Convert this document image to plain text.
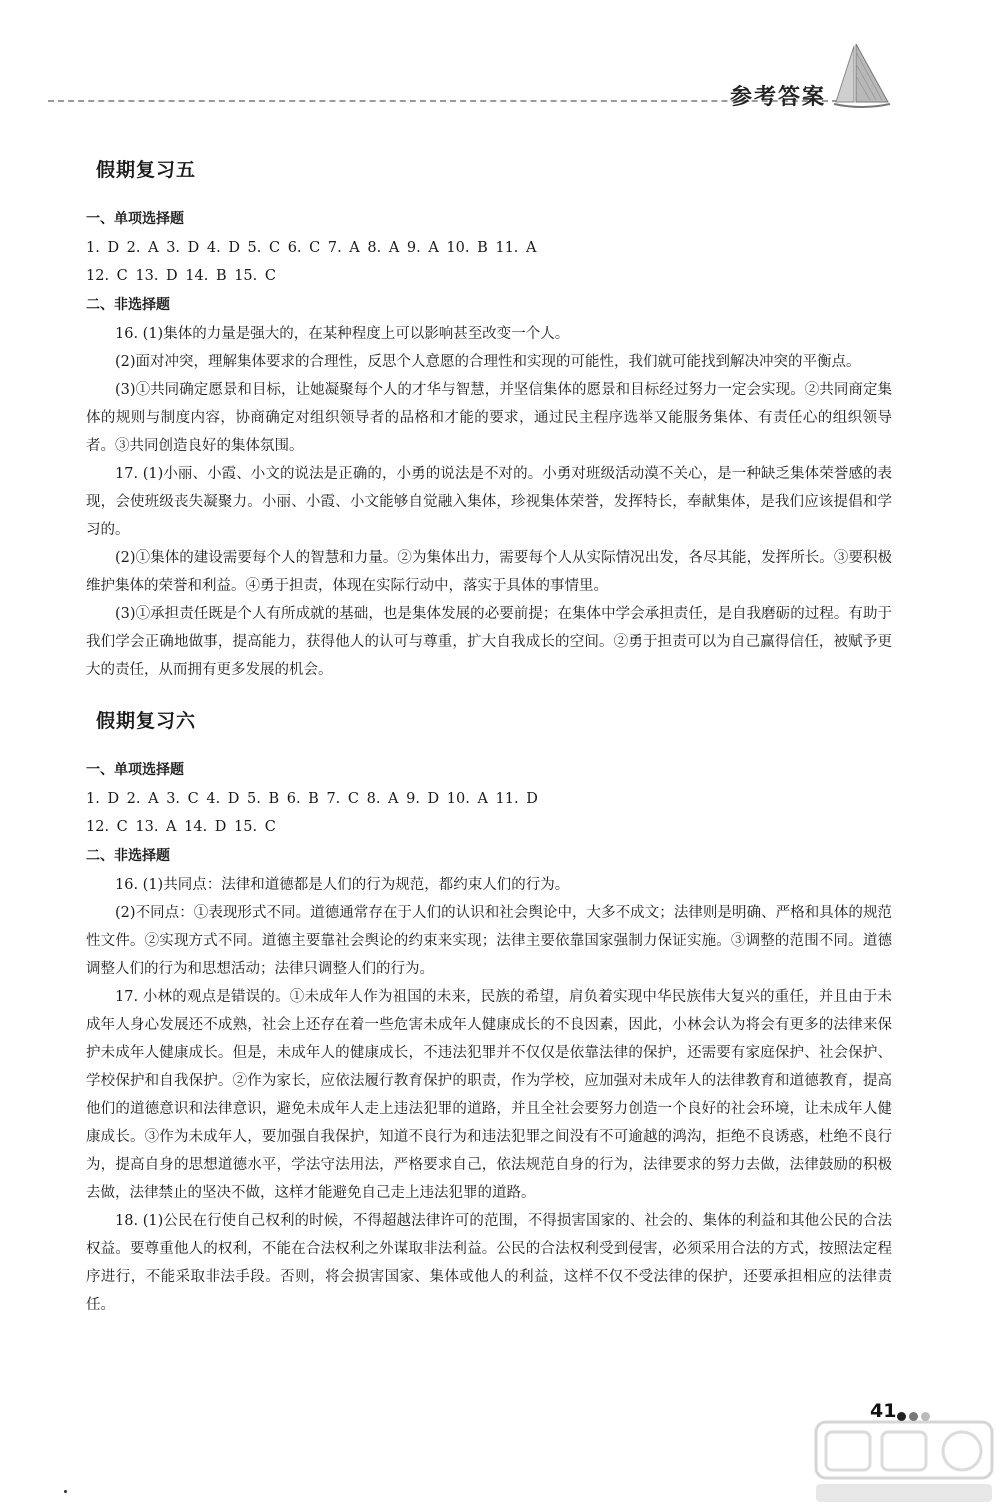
参考答案
假期复习五
一、单项选择题
1. D 2. A 3. D 4. D 5. C 6. C 7. A 8. A 9. A 10. B 11. A
12. C 13. D 14. B 15. C
二、非选择题

16. (1)集体的力量是强大的，在某种程度上可以影响甚至改变一个人。

(2)面对冲突，理解集体要求的合理性，反思个人意愿的合理性和实现的可能性，我们就可能找到解决冲突的平衡点。

(3)①共同确定愿景和目标，让她凝聚每个人的才华与智慧，并坚信集体的愿景和目标经过努力一定会实现。②共同商定集体的规则与制度内容，协商确定对组织领导者的品格和才能的要求，通过民主程序选举又能服务集体、有责任心的组织领导者。③共同创造良好的集体氛围。

17. (1)小丽、小霞、小文的说法是正确的，小勇的说法是不对的。小勇对班级活动漠不关心，是一种缺乏集体荣誉感的表现，会使班级丧失凝聚力。小丽、小霞、小文能够自觉融入集体，珍视集体荣誉，发挥特长，奉献集体，是我们应该提倡和学习的。

(2)①集体的建设需要每个人的智慧和力量。②为集体出力，需要每个人从实际情况出发，各尽其能，发挥所长。③要积极维护集体的荣誉和利益。④勇于担责，体现在实际行动中，落实于具体的事情里。

(3)①承担责任既是个人有所成就的基础，也是集体发展的必要前提；在集体中学会承担责任，是自我磨砺的过程。有助于我们学会正确地做事，提高能力，获得他人的认可与尊重，扩大自我成长的空间。②勇于担责可以为自己赢得信任，被赋予更大的责任，从而拥有更多发展的机会。

假期复习六
一、单项选择题
1. D 2. A 3. C 4. D 5. B 6. B 7. C 8. A 9. D 10. A 11. D
12. C 13. A 14. D 15. C
二、非选择题

16. (1)共同点：法律和道德都是人们的行为规范，都约束人们的行为。

(2)不同点：①表现形式不同。道德通常存在于人们的认识和社会舆论中，大多不成文；法律则是明确、严格和具体的规范性文件。②实现方式不同。道德主要靠社会舆论的约束来实现；法律主要依靠国家强制力保证实施。③调整的范围不同。道德调整人们的行为和思想活动；法律只调整人们的行为。

17. 小林的观点是错误的。①未成年人作为祖国的未来，民族的希望，肩负着实现中华民族伟大复兴的重任，并且由于未成年人身心发展还不成熟，社会上还存在着一些危害未成年人健康成长的不良因素，因此，小林会认为将会有更多的法律来保护未成年人健康成长。但是，未成年人的健康成长，不违法犯罪并不仅仅是依靠法律的保护，还需要有家庭保护、社会保护、学校保护和自我保护。②作为家长，应依法履行教育保护的职责，作为学校，应加强对未成年人的法律教育和道德教育，提高他们的道德意识和法律意识，避免未成年人走上违法犯罪的道路，并且全社会要努力创造一个良好的社会环境，让未成年人健康成长。③作为未成年人，要加强自我保护，知道不良行为和违法犯罪之间没有不可逾越的鸿沟，拒绝不良诱惑，杜绝不良行为，提高自身的思想道德水平，学法守法用法，严格要求自己，依法规范自身的行为，法律要求的努力去做，法律鼓励的积极去做，法律禁止的坚决不做，这样才能避免自己走上违法犯罪的道路。

18. (1)公民在行使自己权利的时候，不得超越法律许可的范围，不得损害国家的、社会的、集体的利益和其他公民的合法权益。要尊重他人的权利，不能在合法权利之外谋取非法利益。公民的合法权利受到侵害，必须采用合法的方式，按照法定程序进行，不能采取非法手段。否则，将会损害国家、集体或他人的利益，这样不仅不受法律的保护，还要承担相应的法律责任。

41
